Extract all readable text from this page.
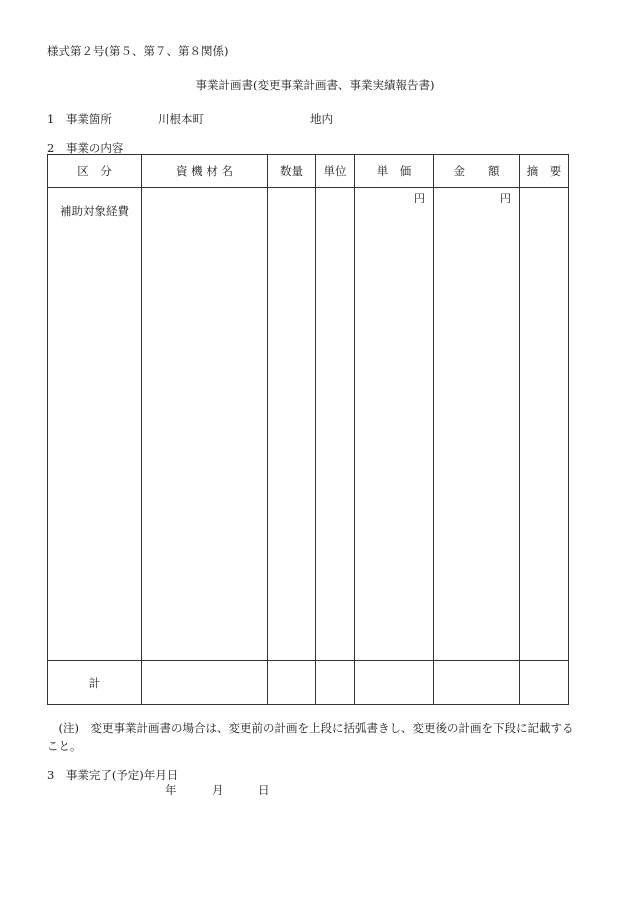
様式第２号(第５、第７、第８関係)
事業計画書(変更事業計画書、事業実績報告書)
1　事業箇所	川根本町	地内
2　事業の内容
区　分	資 機 材 名	数量	単位	単　価	金　　額	摘　要

補助対象経費				円	円	

計						
　(注)　変更事業計画書の場合は、変更前の計画を上段に括弧書きし、変更後の計画を下段に記載する
こと。
3　事業完了(予定)年月日
年	月	日
